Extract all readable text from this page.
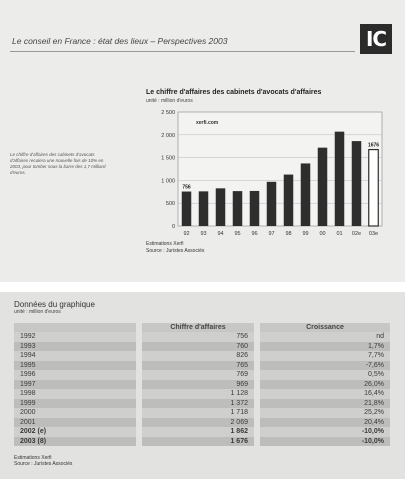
Le conseil en France : état des lieux – Perspectives 2003	IC
Le chiffre d'affaires des cabinets d'avocats d'affaires
unité : million d'euros
Le chiffre d'affaires des cabinets d'avocats d'affaires reculera une nouvelle fois de 10% en 2003, pour tomber sous la barre des 1,7 milliard d'euros.
0
500
1 000
1 500
2 000
2 500
xerfi.com
92
756
93 94 95 96 97 98 99 00 01 02e 03e
1676
Estimations Xerfi
Source : Juristes Associés
Données du graphique
unité : million d'euros
		Chiffre d'affaires		Croissance
1992		756		nd
1993		760		1,7%
1994		826		7,7%
1995		765		-7,6%
1996		769		0,5%
1997		969		26,0%
1998		1 128		16,4%
1999		1 372		21,8%
2000		1 718		25,2%
2001		2 069		20,4%
2002 (e)		1 862		-10,0%
2003 (8)		1 676		-10,0%
Estimations Xerfi
Source : Juristes Associés
